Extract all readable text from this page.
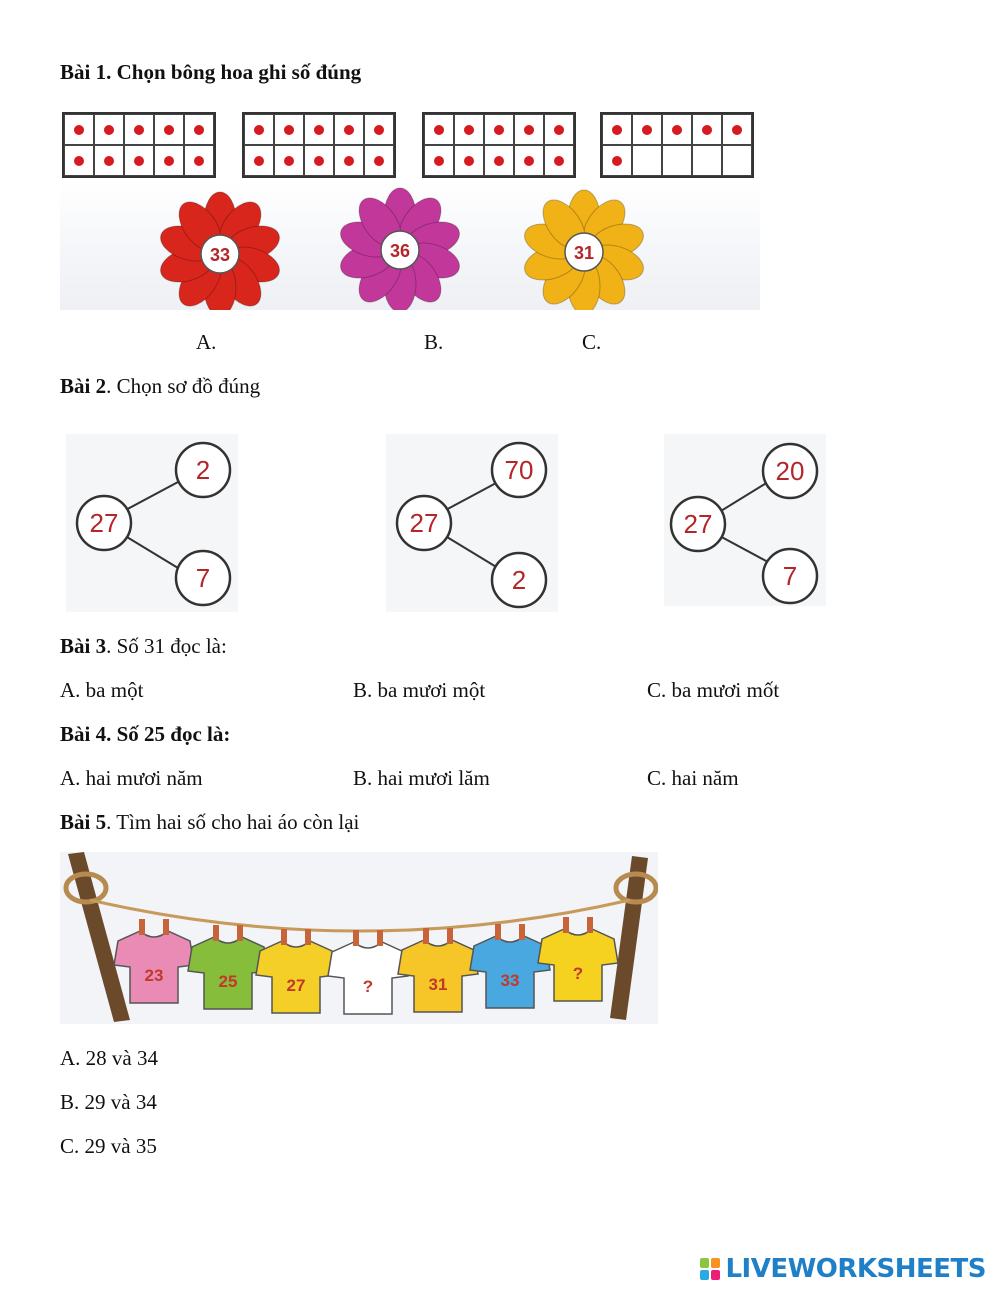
Bài 1. Chọn bông hoa ghi số đúng
33	36	31
A.	B.	C.
Bài 2. Chọn sơ đồ đúng
27
2
7
27
70
2
27
20
7
Bài 3. Số 31 đọc là:
A. ba một	B. ba mươi một	C. ba mươi mốt
Bài 4. Số 25 đọc là:
A. hai mươi năm	B. hai mươi lăm	C. hai năm
Bài 5. Tìm hai số cho hai áo còn lại
23	25	27	?	31	33	?
A. 28 và 34
B. 29 và 34
C. 29 và 35
LIVEWORKSHEETS
